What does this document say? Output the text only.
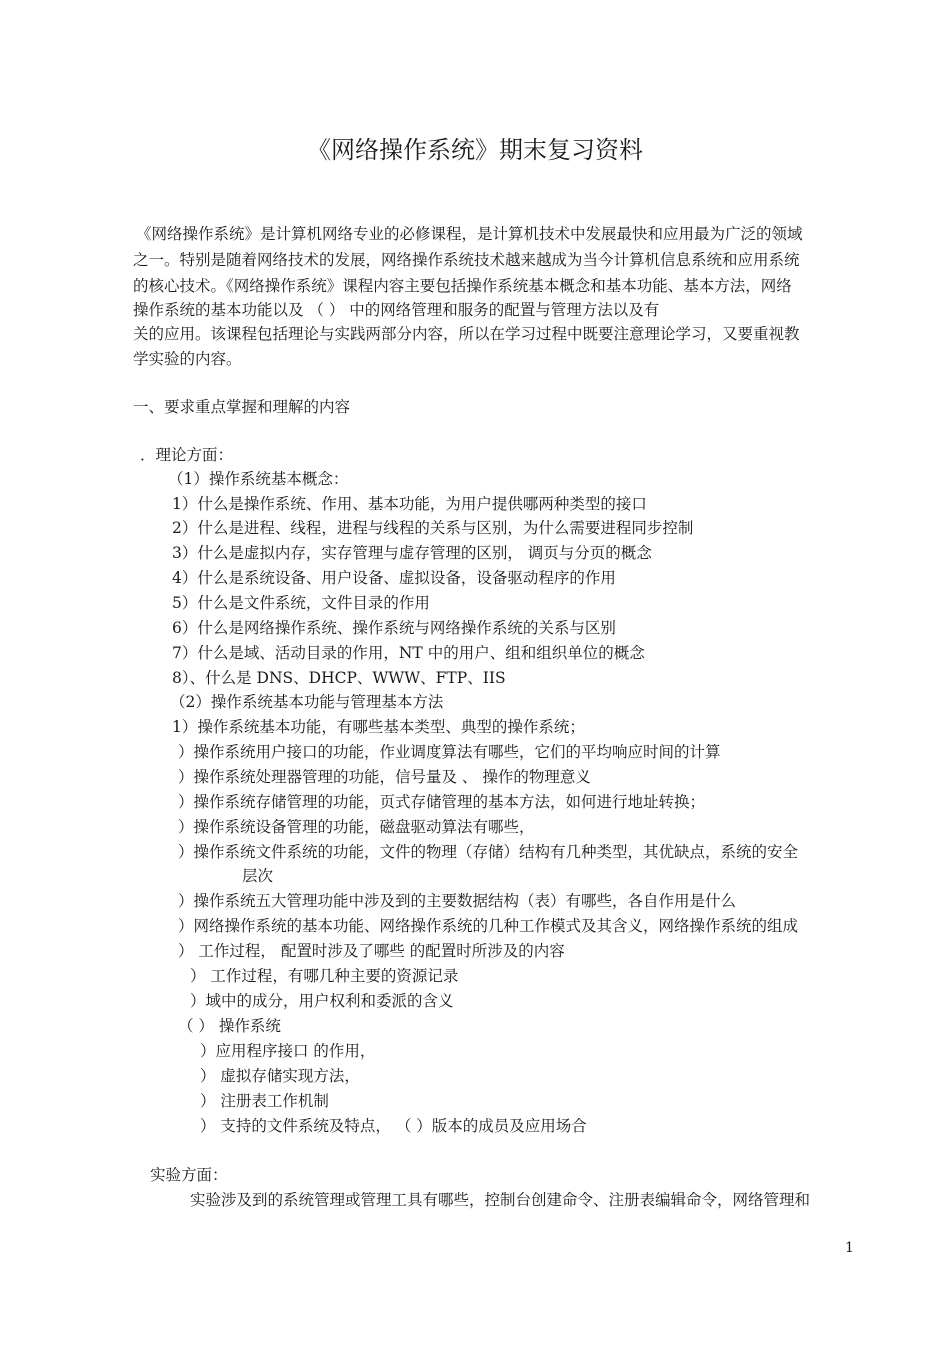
《网络操作系统》期末复习资料
《网络操作系统》是计算机网络专业的必修课程，是计算机技术中发展最快和应用最为广泛的领域
之一。特别是随着网络技术的发展，网络操作系统技术越来越成为当今计算机信息系统和应用系统
的核心技术。《网络操作系统》课程内容主要包括操作系统基本概念和基本功能、基本方法，网络
操作系统的基本功能以及 （ ） 中的网络管理和服务的配置与管理方法以及有
关的应用。该课程包括理论与实践两部分内容，所以在学习过程中既要注意理论学习，又要重视教
学实验的内容。
一、要求重点掌握和理解的内容
．理论方面：
（1）操作系统基本概念：
1）什么是操作系统、作用、基本功能，为用户提供哪两种类型的接口
2）什么是进程、线程，进程与线程的关系与区别，为什么需要进程同步控制
3）什么是虚拟内存，实存管理与虚存管理的区别， 调页与分页的概念
4）什么是系统设备、用户设备、虚拟设备，设备驱动程序的作用
5）什么是文件系统，文件目录的作用
6）什么是网络操作系统、操作系统与网络操作系统的关系与区别
7）什么是域、活动目录的作用，NT 中的用户、组和组织单位的概念
8）、什么是 DNS、DHCP、WWW、FTP、IIS
（2）操作系统基本功能与管理基本方法
1）操作系统基本功能，有哪些基本类型、典型的操作系统；
）操作系统用户接口的功能，作业调度算法有哪些，它们的平均响应时间的计算
）操作系统处理器管理的功能，信号量及 、 操作的物理意义
）操作系统存储管理的功能，页式存储管理的基本方法，如何进行地址转换；
）操作系统设备管理的功能，磁盘驱动算法有哪些，
）操作系统文件系统的功能，文件的物理（存储）结构有几种类型，其优缺点，系统的安全
层次
）操作系统五大管理功能中涉及到的主要数据结构（表）有哪些，各自作用是什么
）网络操作系统的基本功能、网络操作系统的几种工作模式及其含义，网络操作系统的组成
） 工作过程， 配置时涉及了哪些 的配置时所涉及的内容
） 工作过程，有哪几种主要的资源记录
）域中的成分，用户权利和委派的含义
（ ） 操作系统
）应用程序接口 的作用，
） 虚拟存储实现方法，
） 注册表工作机制
） 支持的文件系统及特点， （ ）版本的成员及应用场合
实验方面：
实验涉及到的系统管理或管理工具有哪些，控制台创建命令、注册表编辑命令，网络管理和
1
